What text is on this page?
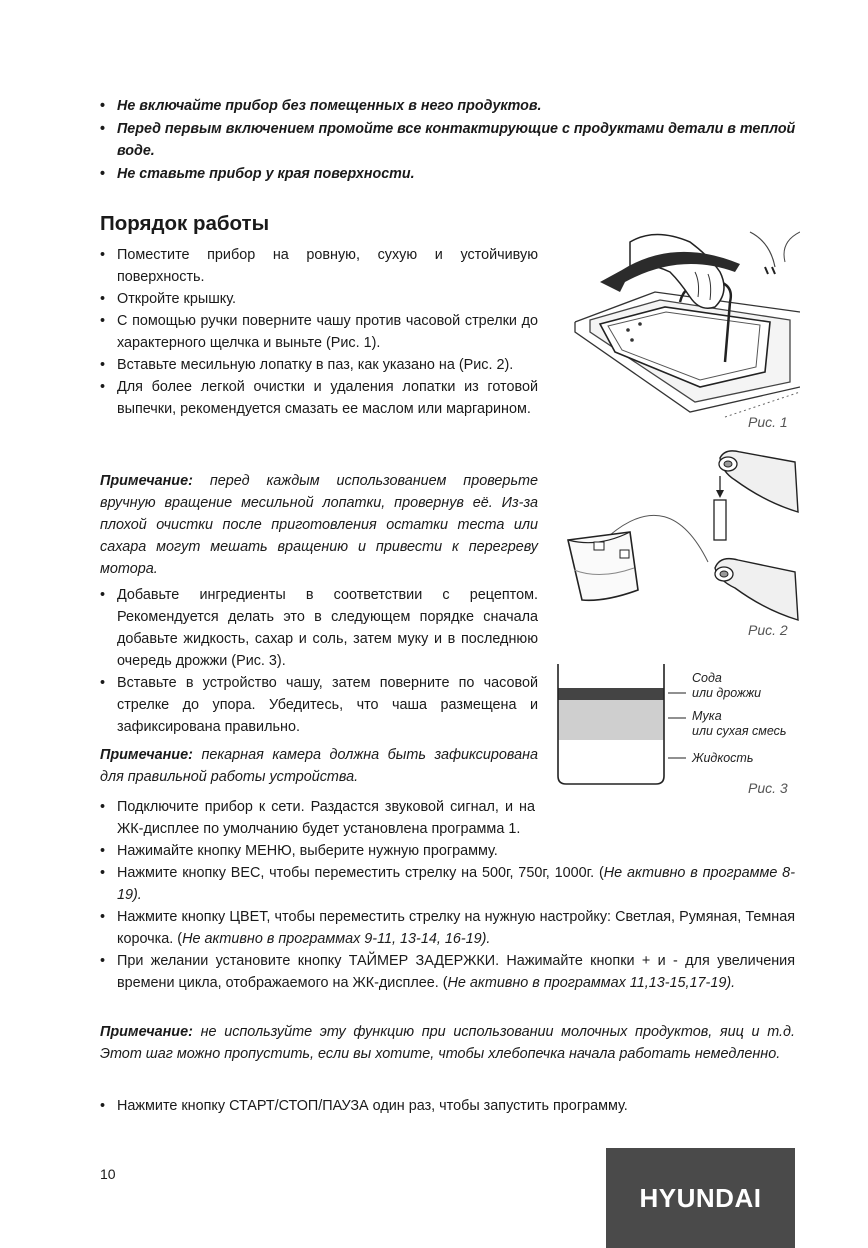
• Не включайте прибор без помещенных в него продуктов.
• Перед первым включением промойте все контактирующие с продуктами детали в теплой воде.
• Не ставьте прибор у края поверхности.
Порядок работы
• Поместите прибор на ровную, сухую и устойчивую поверхность.
• Откройте крышку.
• С помощью ручки поверните чашу против часовой стрелки до характерного щелчка и выньте (Рис. 1).
• Вставьте месильную лопатку в паз, как указано на (Рис. 2).
• Для более легкой очистки и удаления лопатки из готовой выпечки, рекомендуется смазать ее маслом или маргарином.
Примечание: перед каждым использованием проверьте вручную вращение месильной лопатки, провернув её. Из-за плохой очистки после приготовления остатки теста или сахара могут мешать вращению и привести к перегреву мотора.
• Добавьте ингредиенты в соответствии с рецептом. Рекомендуется делать это в следующем порядке сначала добавьте жидкость, сахар и соль, затем муку и в последнюю очередь дрожжи (Рис. 3).
• Вставьте в устройство чашу, затем поверните по часовой стрелке до упора. Убедитесь, что чаша размещена и зафиксирована правильно.
Примечание: пекарная камера должна быть зафиксирована для правильной работы устройства.
• Подключите прибор к сети. Раздастся звуковой сигнал, и на ЖК-дисплее по умолчанию будет установлена программа 1.
• Нажимайте кнопку МЕНЮ, выберите нужную программу.
• Нажмите кнопку ВЕС, чтобы переместить стрелку на 500г, 750г, 1000г. (Не активно в программе 8-19).
• Нажмите кнопку ЦВЕТ, чтобы переместить стрелку на нужную настройку: Светлая, Румяная, Темная корочка. (Не активно в программах 9-11, 13-14, 16-19).
• При желании установите кнопку ТАЙМЕР ЗАДЕРЖКИ. Нажимайте кнопки + и - для увеличения времени цикла, отображаемого на ЖК-дисплее. (Не активно в программах 11,13-15,17-19).
Примечание: не используйте эту функцию при использовании молочных продуктов, яиц и т.д. Этот шаг можно пропустить, если вы хотите, чтобы хлебопечка начала работать немедленно.
• Нажмите кнопку СТАРТ/СТОП/ПАУЗА один раз, чтобы запустить программу.
Рис. 1
Рис. 2
Сода
или дрожжи
Мука
или сухая смесь
Жидкость
Рис. 3
10
HYUNDAI
